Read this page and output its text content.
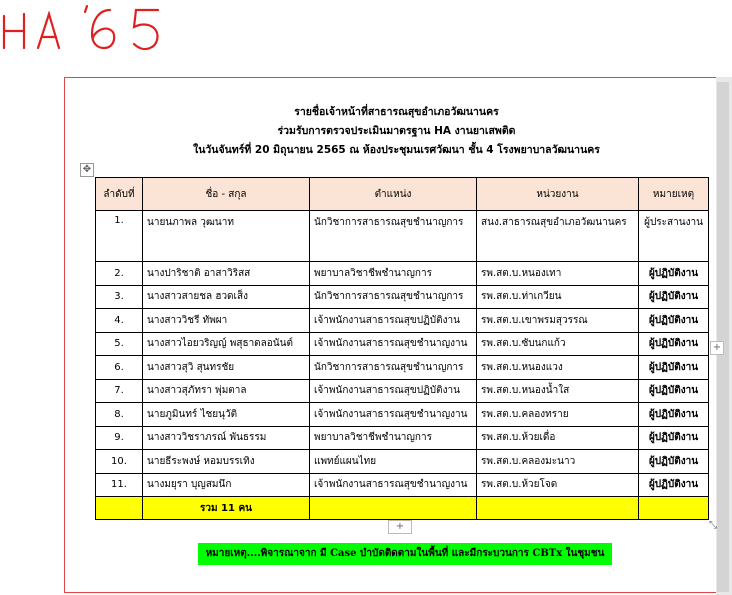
รายชื่อเจ้าหน้าที่สาธารณสุขอำเภอวัฒนานคร
ร่วมรับการตรวจประเมินมาตรฐาน HA งานยาเสพติด
ในวันจันทร์ที่ 20 มิถุนายน 2565 ณ ห้องประชุมนเรศวัฒนา ชั้น 4 โรงพยาบาลวัฒนานคร
✥
ลำดับที่	ชื่อ - สกุล	ตำแหน่ง	หน่วยงาน	หมายเหตุ
1.	นายนภาพล วุฒนาท	นักวิชาการสาธารณสุขชำนาญการ	สนง.สาธารณสุขอำเภอวัฒนานคร	ผู้ประสานงาน
2.	นางปาริชาติ อาสาวิริสส	พยาบาลวิชาชีพชำนาญการ	รพ.สต.บ.หนองเทา	ผู้ปฏิบัติงาน
3.	นางสาวสายชล ฮวดเส็ง	นักวิชาการสาธารณสุขชำนาญการ	รพ.สต.บ.ท่าเกวียน	ผู้ปฏิบัติงาน
4.	นางสาววิชรี ทัพผา	เจ้าพนักงานสาธารณสุขปฏิบัติงาน	รพ.สต.บ.เขาพรมสุวรรณ	ผู้ปฏิบัติงาน
5.	นางสาวไอยวริญญ์ พสุธาดลอนันต์	เจ้าพนักงานสาธารณสุขชำนาญงาน	รพ.สต.บ.ซับนกแก้ว	ผู้ปฏิบัติงาน
6.	นางสาวสุวิ สุนทรชัย	นักวิชาการสาธารณสุขชำนาญการ	รพ.สต.บ.หนองแวง	ผู้ปฏิบัติงาน
7.	นางสาวสุภัทรา พุ่มตาล	เจ้าพนักงานสาธารณสุขปฏิบัติงาน	รพ.สต.บ.หนองน้ำใส	ผู้ปฏิบัติงาน
8.	นายภูมินทร์ ไชยนุวัติ	เจ้าพนักงานสาธารณสุขชำนาญงาน	รพ.สต.บ.คลองทราย	ผู้ปฏิบัติงาน
9.	นางสาววิชราภรณ์ พันธรรม	พยาบาลวิชาชีพชำนาญการ	รพ.สต.บ.ห้วยเดื่อ	ผู้ปฏิบัติงาน
10.	นายธีระพงษ์ หอมบรรเทิง	แพทย์แผนไทย	รพ.สต.บ.คลองมะนาว	ผู้ปฏิบัติงาน
11.	นางมยุรา บุญสมนึก	เจ้าพนักงานสาธารณสุขชำนาญงาน	รพ.สต.บ.ห้วยโจด	ผู้ปฏิบัติงาน
	รวม 11 คน			
+
+
⤡
หมายเหตุ....พิจารณาจาก มี Case บำบัดติดตามในพื้นที่ และมีกระบวนการ CBTx ในชุมชน
